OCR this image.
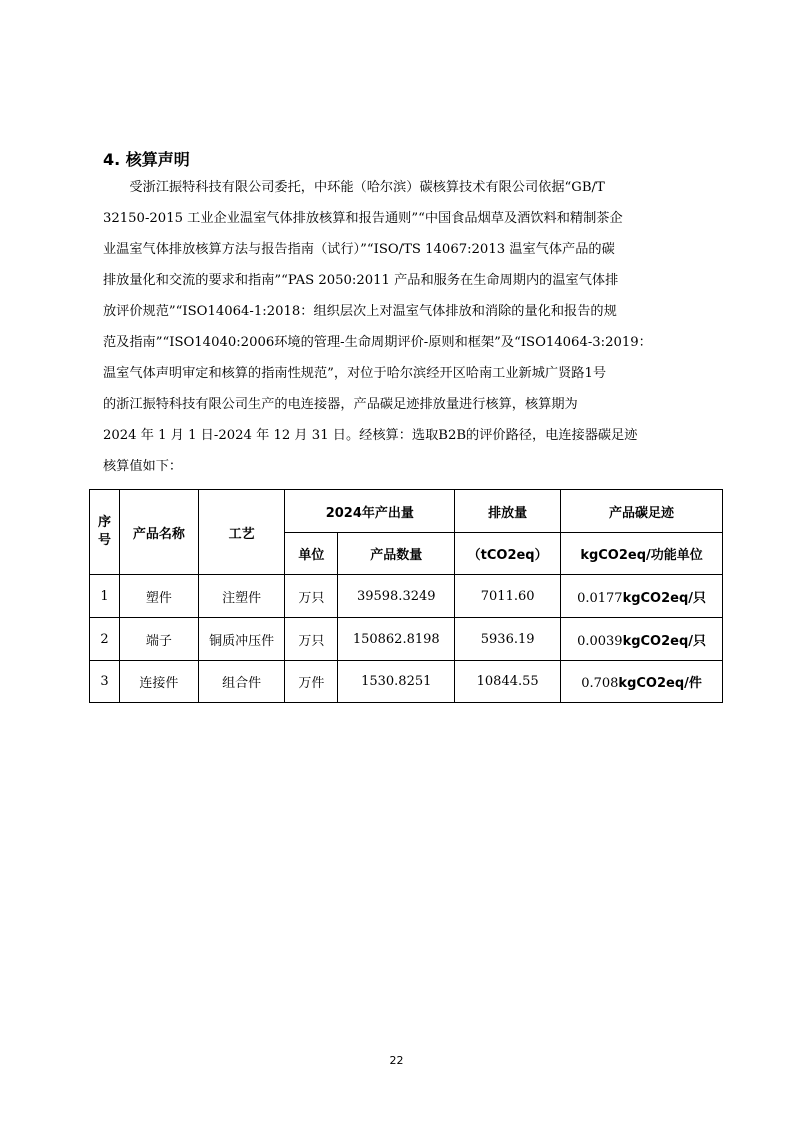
4. 核算声明
　　受浙江振特科技有限公司委托，中环能（哈尔滨）碳核算技术有限公司依据“GB/T
32150-2015 工业企业温室气体排放核算和报告通则”“中国食品烟草及酒饮料和精制茶企
业温室气体排放核算方法与报告指南（试行）”“ISO/TS 14067:2013 温室气体产品的碳
排放量化和交流的要求和指南”“PAS 2050:2011 产品和服务在生命周期内的温室气体排
放评价规范”“ISO14064-1:2018：组织层次上对温室气体排放和消除的量化和报告的规
范及指南”“ISO14040:2006环境的管理-生命周期评价-原则和框架”及“ISO14064-3:2019：
温室气体声明审定和核算的指南性规范”，对位于哈尔滨经开区哈南工业新城广贤路1号
的浙江振特科技有限公司生产的电连接器，产品碳足迹排放量进行核算，核算期为
2024 年 1 月 1 日-2024 年 12 月 31 日。经核算：选取B2B的评价路径，电连接器碳足迹
核算值如下：
序号	产品名称	工艺	2024年产出量		排放量	产品碳足迹
			单位	产品数量	（tCO2eq）	kgCO2eq/功能单位
1	塑件	注塑件	万只	39598.3249	7011.60	0.0177kgCO2eq/只
2	端子	铜质冲压件	万只	150862.8198	5936.19	0.0039kgCO2eq/只
3	连接件	组合件	万件	1530.8251	10844.55	0.708kgCO2eq/件
22
